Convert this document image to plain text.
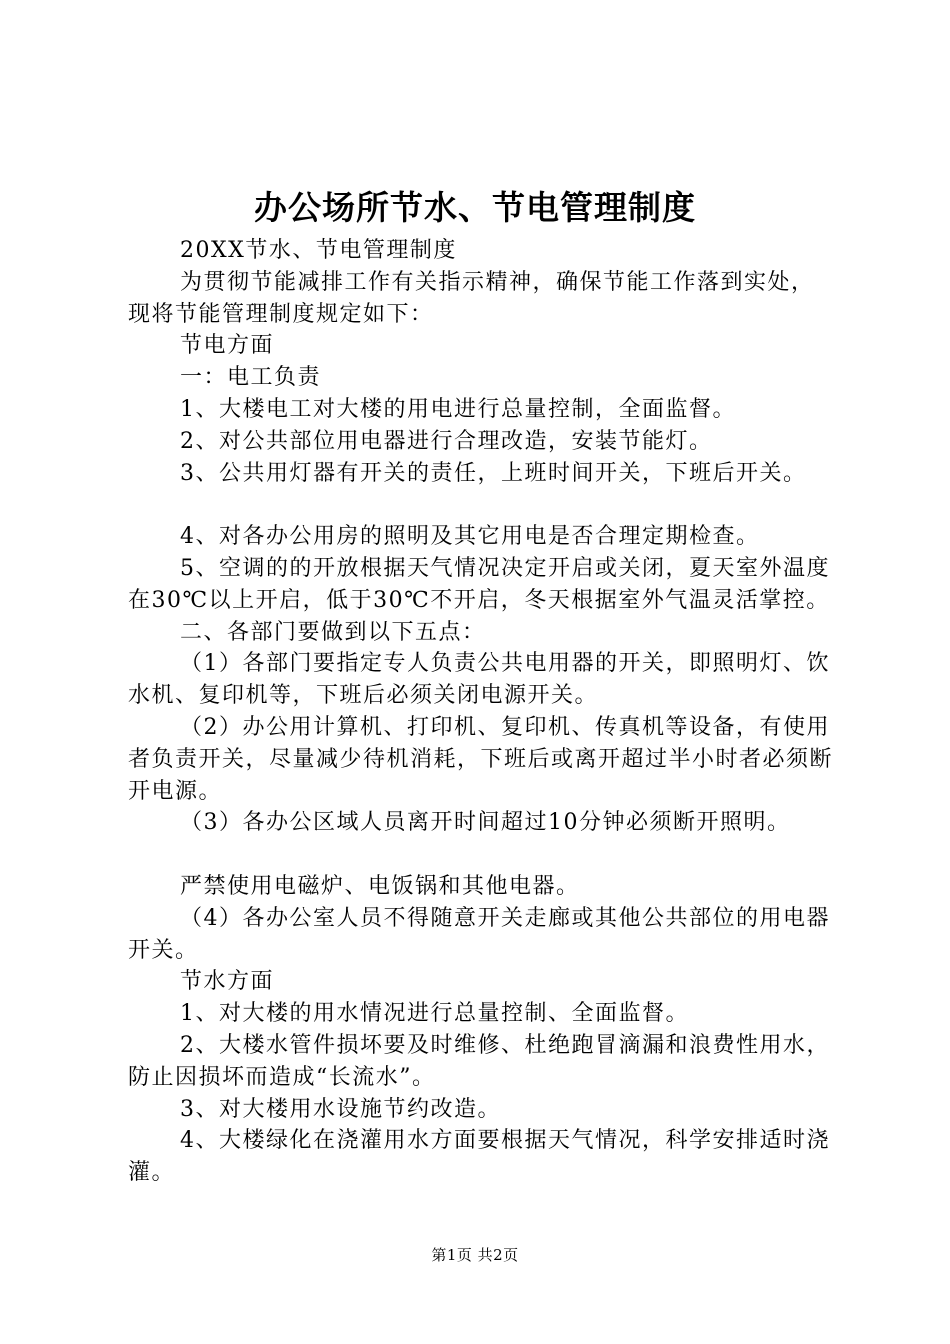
办公场所节水、节电管理制度

20XX节水、节电管理制度

为贯彻节能减排工作有关指示精神，确保节能工作落到实处，现将节能管理制度规定如下：

节电方面

一：电工负责

1、大楼电工对大楼的用电进行总量控制，全面监督。

2、对公共部位用电器进行合理改造，安装节能灯。

3、公共用灯器有开关的责任，上班时间开关，下班后开关。

4、对各办公用房的照明及其它用电是否合理定期检查。

5、空调的的开放根据天气情况决定开启或关闭，夏天室外温度在30℃以上开启，低于30℃不开启，冬天根据室外气温灵活掌控。

二、各部门要做到以下五点：

（1）各部门要指定专人负责公共电用器的开关，即照明灯、饮水机、复印机等，下班后必须关闭电源开关。

（2）办公用计算机、打印机、复印机、传真机等设备，有使用者负责开关，尽量减少待机消耗，下班后或离开超过半小时者必须断开电源。

（3）各办公区域人员离开时间超过10分钟必须断开照明。

严禁使用电磁炉、电饭锅和其他电器。

（4）各办公室人员不得随意开关走廊或其他公共部位的用电器开关。

节水方面

1、对大楼的用水情况进行总量控制、全面监督。

2、大楼水管件损坏要及时维修、杜绝跑冒滴漏和浪费性用水，防止因损坏而造成“长流水”。

3、对大楼用水设施节约改造。

4、大楼绿化在浇灌用水方面要根据天气情况，科学安排适时浇灌。

第1页 共2页
